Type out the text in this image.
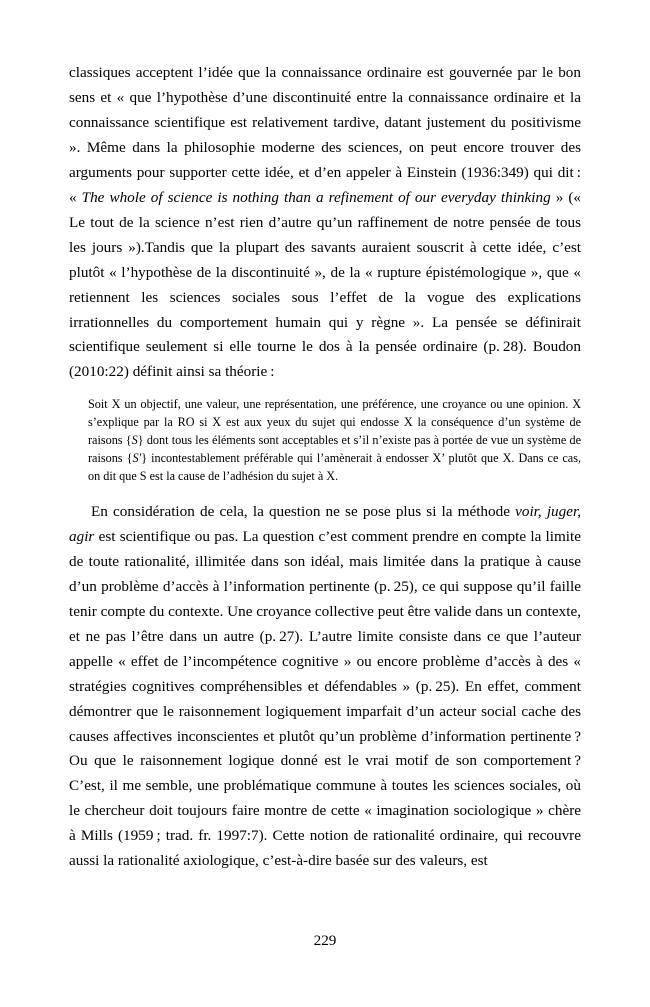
classiques acceptent l’idée que la connaissance ordinaire est gouvernée par le bon sens et « que l’hypothèse d’une discontinuité entre la connaissance ordinaire et la connaissance scientifique est relativement tardive, datant justement du positivisme ». Même dans la philosophie moderne des sciences, on peut encore trouver des arguments pour supporter cette idée, et d’en appeler à Einstein (1936:349) qui dit : « The whole of science is nothing than a refinement of our everyday thinking » (« Le tout de la science n’est rien d’autre qu’un raffinement de notre pensée de tous les jours »).Tandis que la plupart des savants auraient souscrit à cette idée, c’est plutôt « l’hypothèse de la discontinuité », de la « rupture épistémologique », que « retiennent les sciences sociales sous l’effet de la vogue des explications irrationnelles du comportement humain qui y règne ». La pensée se définirait scientifique seulement si elle tourne le dos à la pensée ordinaire (p. 28). Boudon (2010:22) définit ainsi sa théorie :

Soit X un objectif, une valeur, une représentation, une préférence, une croyance ou une opinion. X s’explique par la RO si X est aux yeux du sujet qui endosse X la conséquence d’un système de raisons {S} dont tous les éléments sont acceptables et s’il n’existe pas à portée de vue un système de raisons {S′} incontestablement préférable qui l’amènerait à endosser X’ plutôt que X. Dans ce cas, on dit que S est la cause de l’adhésion du sujet à X.

En considération de cela, la question ne se pose plus si la méthode voir, juger, agir est scientifique ou pas. La question c’est comment prendre en compte la limite de toute rationalité, illimitée dans son idéal, mais limitée dans la pratique à cause d’un problème d’accès à l’information pertinente (p. 25), ce qui suppose qu’il faille tenir compte du contexte. Une croyance collective peut être valide dans un contexte, et ne pas l’être dans un autre (p. 27). L’autre limite consiste dans ce que l’auteur appelle « effet de l’incompétence cognitive » ou encore problème d’accès à des « stratégies cognitives compréhensibles et défendables » (p. 25). En effet, comment démontrer que le raisonnement logiquement imparfait d’un acteur social cache des causes affectives inconscientes et plutôt qu’un problème d’information pertinente ? Ou que le raisonnement logique donné est le vrai motif de son comportement ? C’est, il me semble, une problématique commune à toutes les sciences sociales, où le chercheur doit toujours faire montre de cette « imagination sociologique » chère à Mills (1959 ; trad. fr. 1997:7). Cette notion de rationalité ordinaire, qui recouvre aussi la rationalité axiologique, c’est-à-dire basée sur des valeurs, est

229
